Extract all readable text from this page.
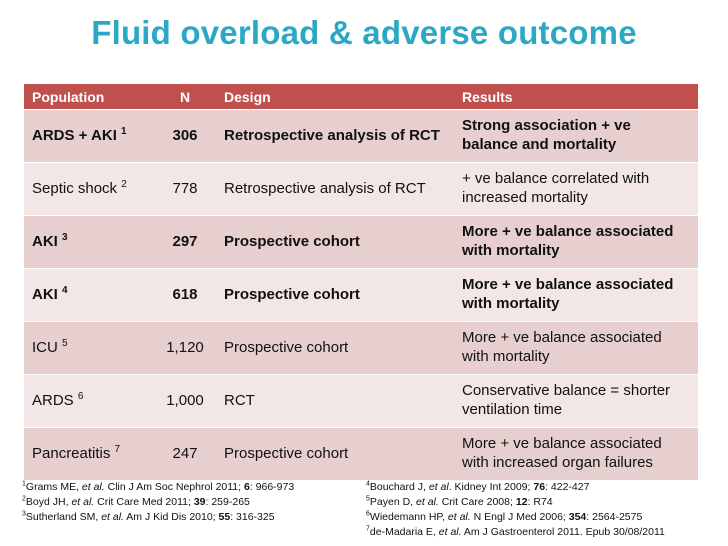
Fluid overload & adverse outcome
Population	N	Design	Results
ARDS + AKI $^1$	306	Retrospective analysis of RCT	Strong association + ve balance and mortality
Septic shock $^2$	778	Retrospective analysis of RCT	+ ve balance correlated with increased mortality
AKI $^3$	297	Prospective cohort	More + ve balance associated with mortality
AKI $^4$	618	Prospective cohort	More + ve balance associated with mortality
ICU $^5$	1,120	Prospective cohort	More + ve balance associated with mortality
ARDS $^6$	1,000	RCT	Conservative balance = shorter ventilation time
Pancreatitis $^7$	247	Prospective cohort	More + ve balance associated with increased organ failures
$^1$Grams ME, et al. Clin J Am Soc Nephrol 2011; 6: 966-973
$^2$Boyd JH, et al. Crit Care Med 2011; 39: 259-265
$^3$Sutherland SM, et al. Am J Kid Dis 2010; 55: 316-325
$^4$Bouchard J, et al. Kidney Int 2009; 76: 422-427
$^5$Payen D, et al. Crit Care 2008; 12: R74
$^6$Wiedemann HP, et al. N Engl J Med 2006; 354: 2564-2575
$^7$de-Madaria E, et al. Am J Gastroenterol 2011. Epub 30/08/2011
